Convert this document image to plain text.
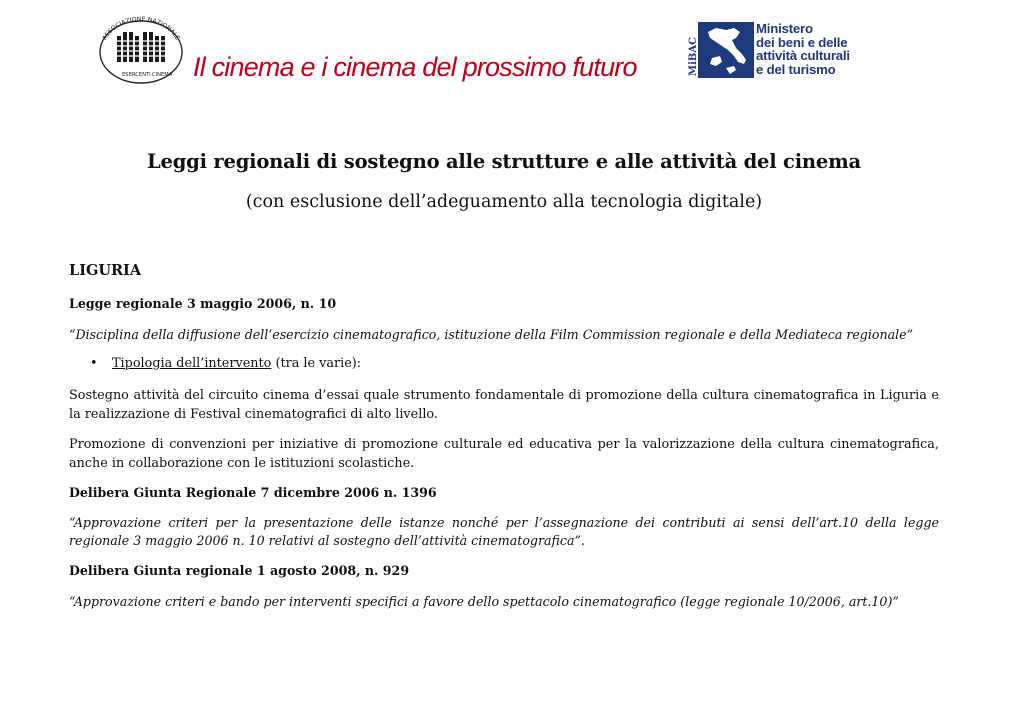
ASSOCIAZIONE NAZIONALE
ESERCENTI CINEMA Il cinema e i cinema del prossimo futuro	MiBAC
Ministero
dei beni e delle
attività culturali
e del turismo
Leggi regionali di sostegno alle strutture e alle attività del cinema
(con esclusione dell’adeguamento alla tecnologia digitale)
LIGURIA
Legge regionale 3 maggio 2006, n. 10
“Disciplina della diffusione dell’esercizio cinematografico, istituzione della Film Commission regionale e della Mediateca regionale”
• Tipologia dell’intervento (tra le varie):
Sostegno attività del circuito cinema d’essai quale strumento fondamentale di promozione della cultura cinematografica in Liguria e la realizzazione di Festival cinematografici di alto livello.
Promozione di convenzioni per iniziative di promozione culturale ed educativa per la valorizzazione della cultura cinematografica, anche in collaborazione con le istituzioni scolastiche.
Delibera Giunta Regionale 7 dicembre 2006 n. 1396
“Approvazione criteri per la presentazione delle istanze nonché per l’assegnazione dei contributi ai sensi dell’art.10 della legge regionale 3 maggio 2006 n. 10 relativi al sostegno dell’attività cinematografica”.
Delibera Giunta regionale 1 agosto 2008, n. 929
“Approvazione criteri e bando per interventi specifici a favore dello spettacolo cinematografico (legge regionale 10/2006, art.10)”
